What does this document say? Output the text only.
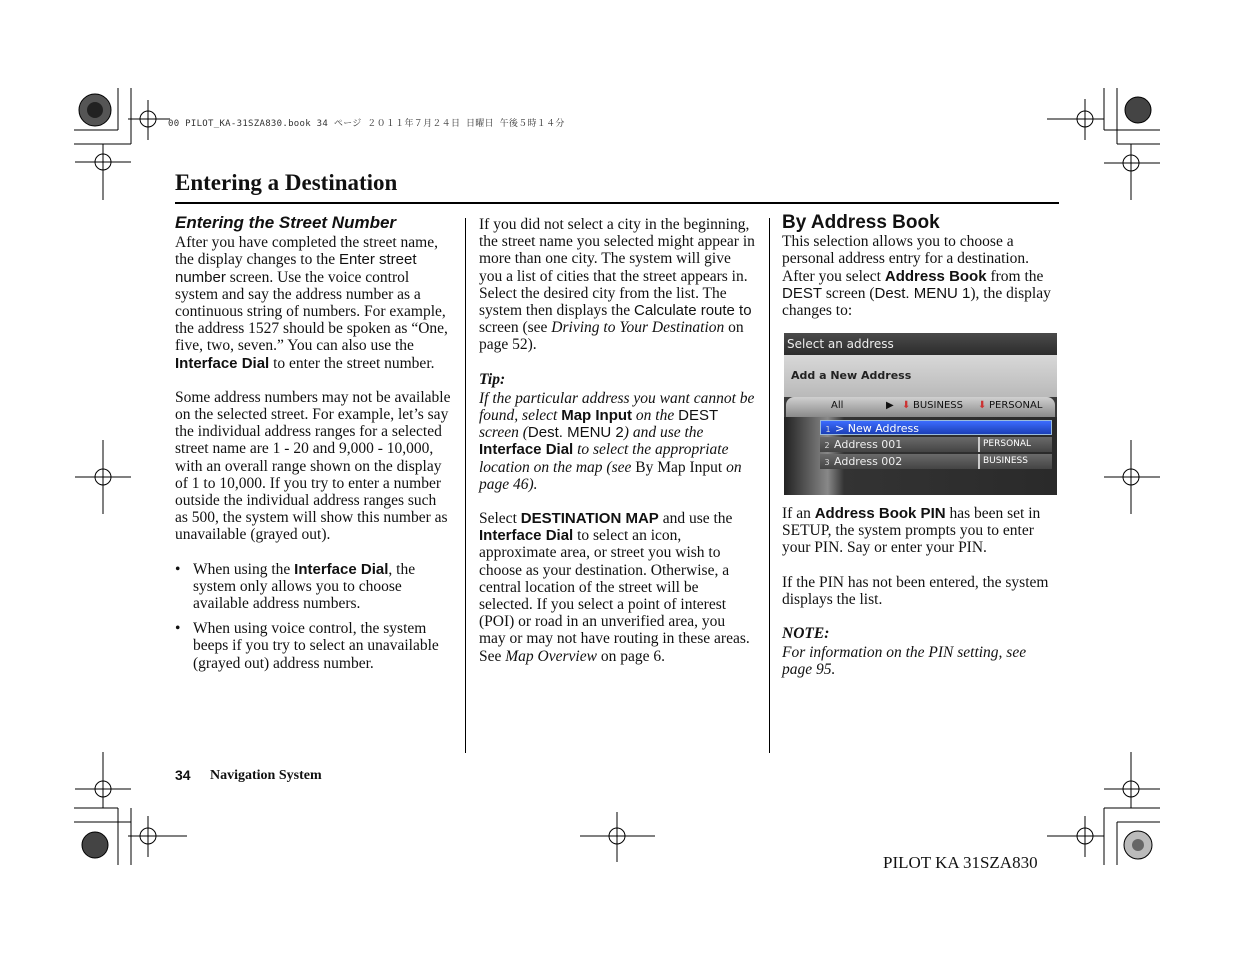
00 PILOT_KA-31SZA830.book 34 ページ ２０１１年７月２４日 日曜日 午後５時１４分
Entering a Destination
Entering the Street Number

After you have completed the street name, the display changes to the Enter street number screen. Use the voice control system and say the address number as a continuous string of numbers. For example, the address 1527 should be spoken as “One, five, two, seven.” You can also use the Interface Dial to enter the street number.

Some address numbers may not be available on the selected street. For example, let’s say the individual address ranges for a selected street name are 1 - 20 and 9,000 - 10,000, with an overall range shown on the display of 1 to 10,000. If you try to enter a number outside the individual address ranges such as 500, the system will show this number as unavailable (grayed out).

• When using the Interface Dial, the system only allows you to choose available address numbers.
• When using voice control, the system beeps if you try to select an unavailable (grayed out) address number.

If you did not select a city in the beginning, the street name you selected might appear in more than one city. The system will give you a list of cities that the street appears in. Select the desired city from the list. The system then displays the Calculate route to screen (see Driving to Your Destination on page 52).

Tip:

If the particular address you want cannot be found, select Map Input on the DEST screen (Dest. MENU 2) and use the Interface Dial to select the appropriate location on the map (see By Map Input on page 46).

Select DESTINATION MAP and use the Interface Dial to select an icon, approximate area, or street you wish to choose as your destination. Otherwise, a central location of the street will be selected. If you select a point of interest (POI) or road in an unverified area, you may or may not have routing in these areas. See Map Overview on page 6.

By Address Book

This selection allows you to choose a personal address entry for a destination. After you select Address Book from the DEST screen (Dest. MENU 1), the display changes to:

Select an address
Add a New Address
All	▶ ⬇ BUSINESS ⬇ PERSONAL
1 > New Address
2 Address 001	PERSONAL
3 Address 002	BUSINESS

If an Address Book PIN has been set in SETUP, the system prompts you to enter your PIN. Say or enter your PIN.

If the PIN has not been entered, the system displays the list.

NOTE:

For information on the PIN setting, see page 95.

34 Navigation System
PILOT KA 31SZA830
